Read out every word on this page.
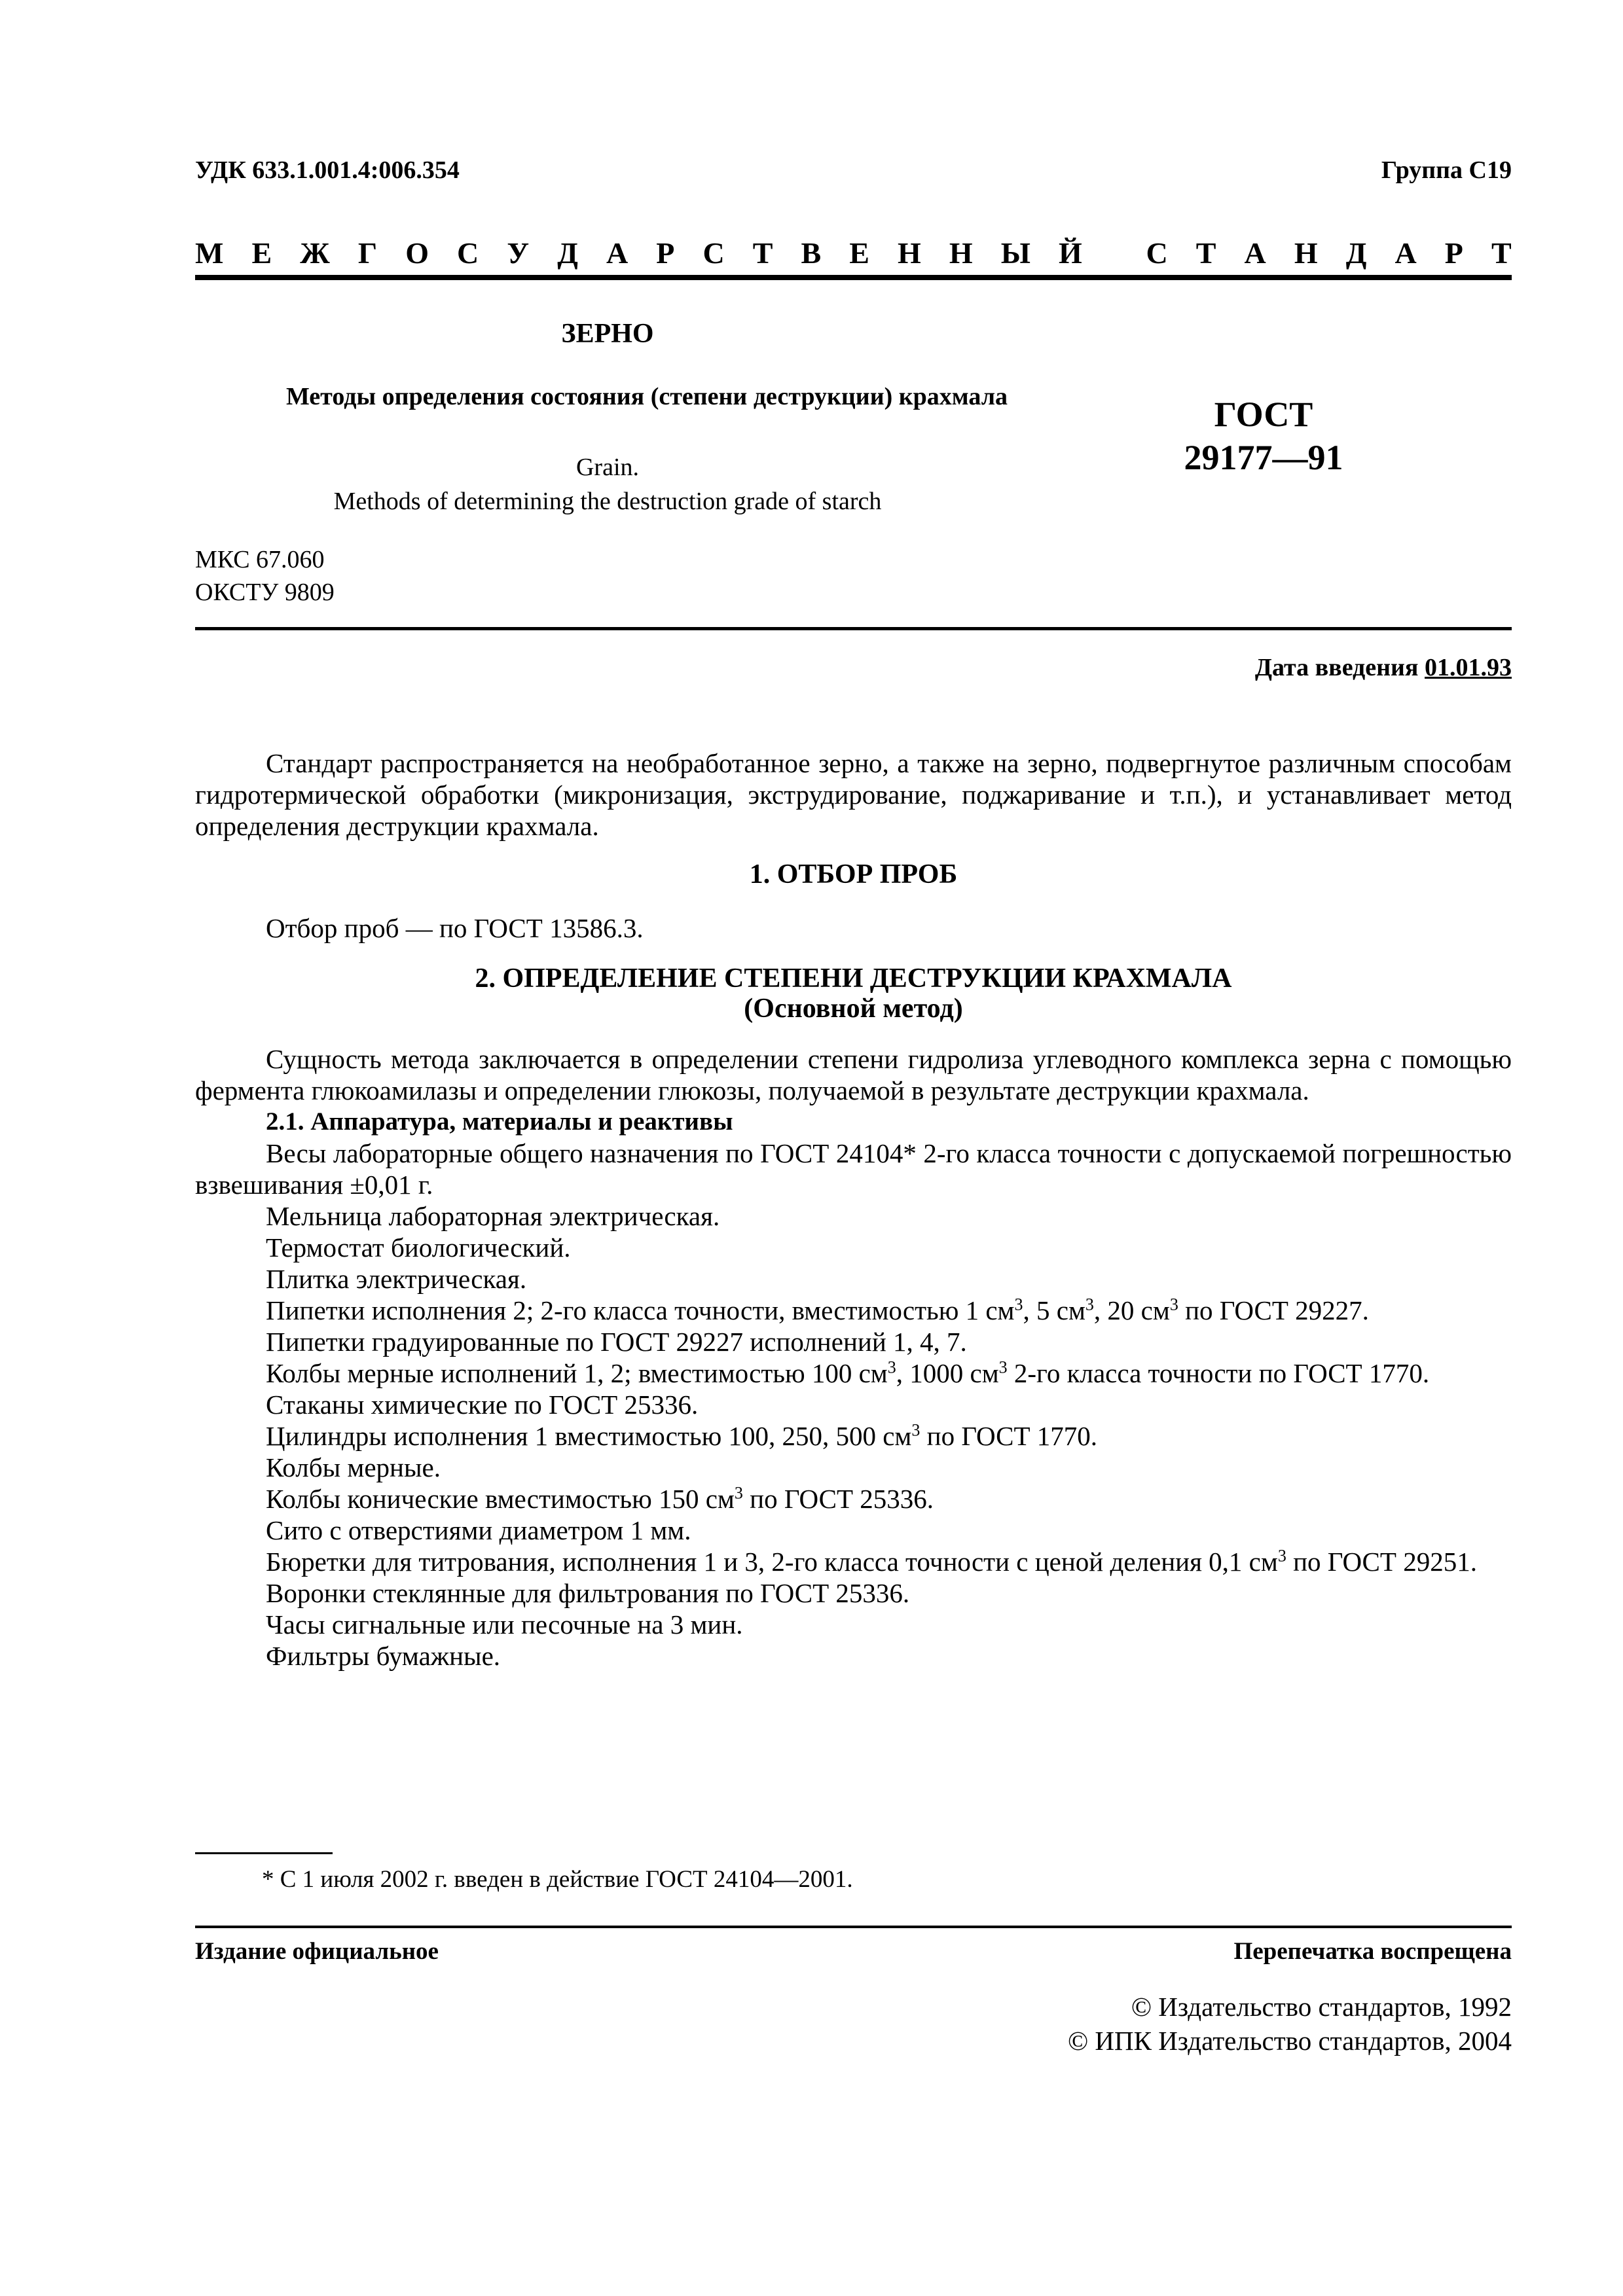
УДК 633.1.001.4:006.354	Группа С19
М Е Ж Г О С У Д А Р С Т В Е Н Н Ы Й
С Т А Н Д А Р Т
ЗЕРНО
Методы определения состояния (степени деструкции) крахмала	ГОСТ
29177—91
Grain.
Methods of determining the destruction grade of starch
МКС 67.060
ОКСТУ 9809
Дата введения 01.01.93

Стандарт распространяется на необработанное зерно, а также на зерно, подвергнутое различным способам гидротермической обработки (микронизация, экструдирование, поджаривание и т.п.), и устанавливает метод определения деструкции крахмала.

1. ОТБОР ПРОБ

Отбор проб — по ГОСТ 13586.3.

2. ОПРЕДЕЛЕНИЕ СТЕПЕНИ ДЕСТРУКЦИИ КРАХМАЛА

(Основной метод)

Сущность метода заключается в определении степени гидролиза углеводного комплекса зерна с помощью фермента глюкоамилазы и определении глюкозы, получаемой в результате деструкции крахмала.

2.1. Аппаратура, материалы и реактивы

Весы лабораторные общего назначения по ГОСТ 24104* 2-го класса точности с допускаемой погрешностью взвешивания ±0,01 г.

Мельница лабораторная электрическая.

Термостат биологический.

Плитка электрическая.

Пипетки исполнения 2; 2-го класса точности, вместимостью 1 $см^3$, 5 $см^3$, 20 $см^3$ по ГОСТ 29227.

Пипетки градуированные по ГОСТ 29227 исполнений 1, 4, 7.

Колбы мерные исполнений 1, 2; вместимостью 100 $см^3$, 1000 $см^3$ 2-го класса точности по ГОСТ 1770.

Стаканы химические по ГОСТ 25336.

Цилиндры исполнения 1 вместимостью 100, 250, 500 $см^3$ по ГОСТ 1770.

Колбы мерные.

Колбы конические вместимостью 150 $см^3$ по ГОСТ 25336.

Сито с отверстиями диаметром 1 мм.

Бюретки для титрования, исполнения 1 и 3, 2-го класса точности с ценой деления 0,1 $см^3$ по ГОСТ 29251.

Воронки стеклянные для фильтрования по ГОСТ 25336.

Часы сигнальные или песочные на 3 мин.

Фильтры бумажные.

* С 1 июля 2002 г. введен в действие ГОСТ 24104—2001.
Издание официальное	Перепечатка воспрещена
© Издательство стандартов, 1992
© ИПК Издательство стандартов, 2004
